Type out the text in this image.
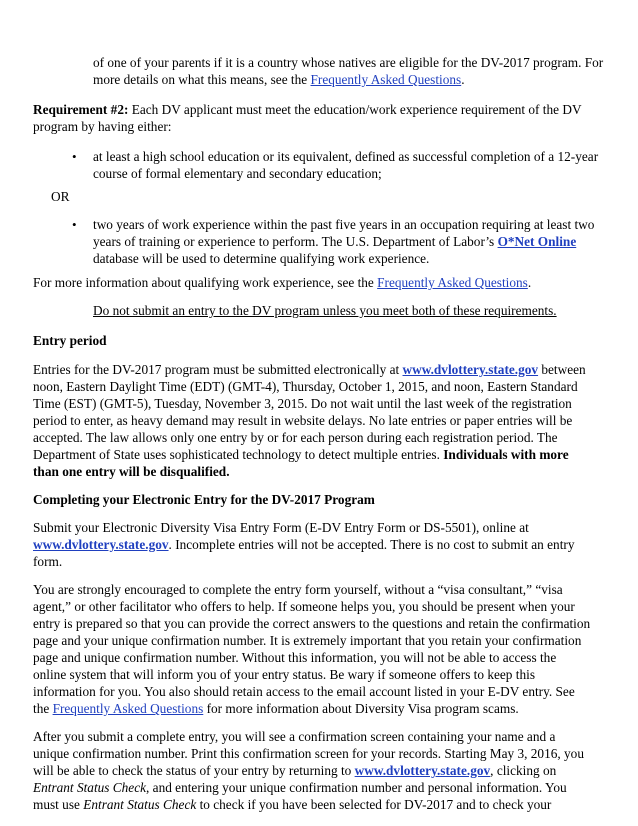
of one of your parents if it is a country whose natives are eligible for the DV-2017 program. For
more details on what this means, see the Frequently Asked Questions.
Requirement #2: Each DV applicant must meet the education/work experience requirement of the DV
program by having either:
• at least a high school education or its equivalent, defined as successful completion of a 12-year
course of formal elementary and secondary education;
OR
• two years of work experience within the past five years in an occupation requiring at least two
years of training or experience to perform. The U.S. Department of Labor’s O*Net Online
database will be used to determine qualifying work experience.
For more information about qualifying work experience, see the Frequently Asked Questions.
Do not submit an entry to the DV program unless you meet both of these requirements.
Entry period
Entries for the DV-2017 program must be submitted electronically at www.dvlottery.state.gov between
noon, Eastern Daylight Time (EDT) (GMT-4), Thursday, October 1, 2015, and noon, Eastern Standard
Time (EST) (GMT-5), Tuesday, November 3, 2015. Do not wait until the last week of the registration
period to enter, as heavy demand may result in website delays. No late entries or paper entries will be
accepted. The law allows only one entry by or for each person during each registration period. The
Department of State uses sophisticated technology to detect multiple entries. Individuals with more
than one entry will be disqualified.
Completing your Electronic Entry for the DV-2017 Program
Submit your Electronic Diversity Visa Entry Form (E-DV Entry Form or DS-5501), online at
www.dvlottery.state.gov. Incomplete entries will not be accepted. There is no cost to submit an entry
form.
You are strongly encouraged to complete the entry form yourself, without a “visa consultant,” “visa
agent,” or other facilitator who offers to help. If someone helps you, you should be present when your
entry is prepared so that you can provide the correct answers to the questions and retain the confirmation
page and your unique confirmation number. It is extremely important that you retain your confirmation
page and unique confirmation number. Without this information, you will not be able to access the
online system that will inform you of your entry status. Be wary if someone offers to keep this
information for you. You also should retain access to the email account listed in your E-DV entry. See
the Frequently Asked Questions for more information about Diversity Visa program scams.
After you submit a complete entry, you will see a confirmation screen containing your name and a
unique confirmation number. Print this confirmation screen for your records. Starting May 3, 2016, you
will be able to check the status of your entry by returning to www.dvlottery.state.gov, clicking on
Entrant Status Check, and entering your unique confirmation number and personal information. You
must use Entrant Status Check to check if you have been selected for DV-2017 and to check your
